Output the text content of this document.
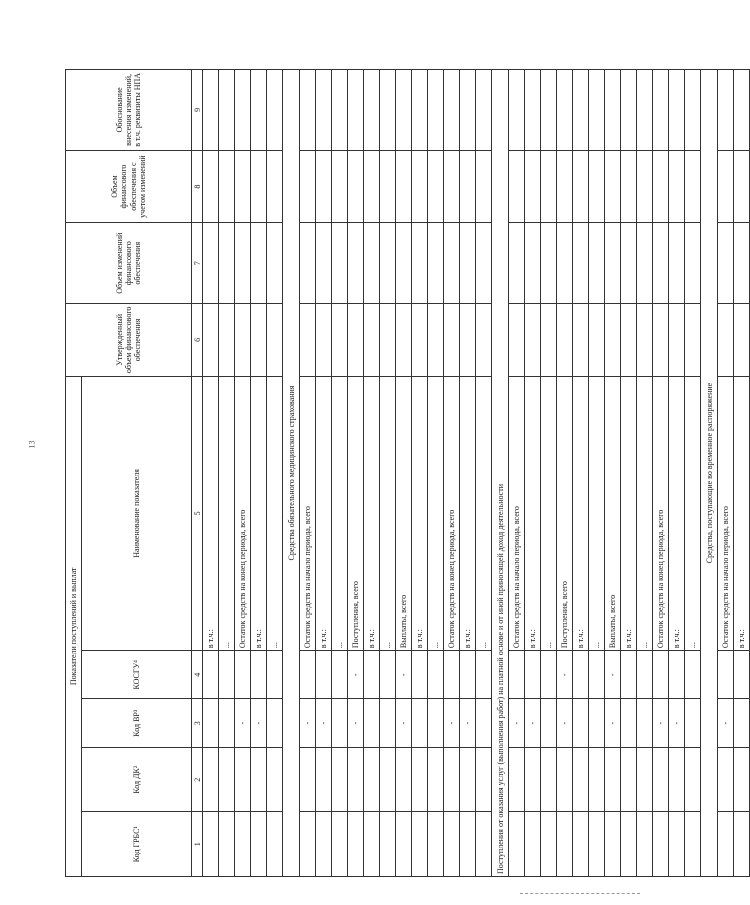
13
Показатели поступлений и выплат					Утвержденный объем финансового обеспечения	Объем изменений финансового обеспечения	Объем финансового обеспечения с учетом изменений	Обоснование внесения изменений, в т.ч. реквизиты НПА
Код ГРБС¹	Код ДК²	Код ВР³	КОСГУ⁴	Наименование показателя				
1	2	3	4	5	6	7	8	9
				в т.ч.:				
				...				
		-		Остаток средств на конец периода, всего				
		-		в т.ч.:				
				...				
Средства обязательного медицинского страхования								
		-		Остаток средств на начало периода, всего				
		-		в т.ч.:				
				...				
		-	-	Поступления, всего				
				в т.ч.:				
				...				
		-	-	Выплаты, всего				
				в т.ч.:				
				...				
		-		Остаток средств на конец периода, всего				
		-		в т.ч.:				
				...				
Поступления от оказания услуг (выполнения работ) на платной основе и от иной приносящей доход деятельности								
		-		Остаток средств на начало периода, всего				
		-		в т.ч.:				
				...				
		-	-	Поступления, всего				
				в т.ч.:				
				...				
		-	-	Выплаты, всего				
				в т.ч.:				
				...				
		-		Остаток средств на конец периода, всего				
		-		в т.ч.:				
				...				
Средства, поступающие во временное распоряжение								
		-		Остаток средств на начало периода, всего				
				в т.ч.:				
